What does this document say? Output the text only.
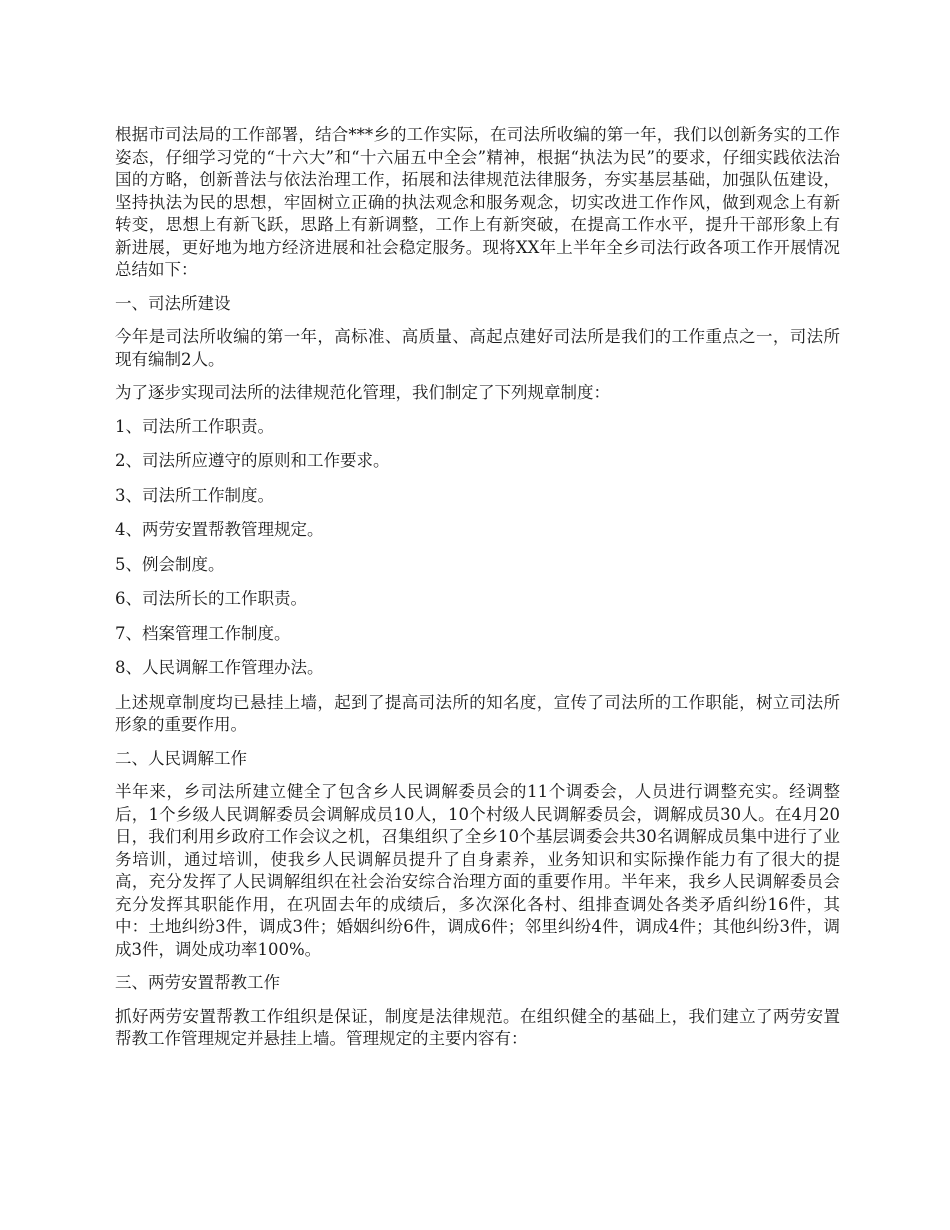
根据市司法局的工作部署，结合***乡的工作实际，在司法所收编的第一年，我们以创新务实的工作姿态，仔细学习党的“十六大”和“十六届五中全会”精神，根据“执法为民”的要求，仔细实践依法治国的方略，创新普法与依法治理工作，拓展和法律规范法律服务，夯实基层基础，加强队伍建设，坚持执法为民的思想，牢固树立正确的执法观念和服务观念，切实改进工作作风，做到观念上有新转变，思想上有新飞跃，思路上有新调整，工作上有新突破，在提高工作水平，提升干部形象上有新进展，更好地为地方经济进展和社会稳定服务。现将XX年上半年全乡司法行政各项工作开展情况总结如下：

一、司法所建设

今年是司法所收编的第一年，高标准、高质量、高起点建好司法所是我们的工作重点之一，司法所现有编制2人。

为了逐步实现司法所的法律规范化管理，我们制定了下列规章制度：

1、司法所工作职责。

2、司法所应遵守的原则和工作要求。

3、司法所工作制度。

4、两劳安置帮教管理规定。

5、例会制度。

6、司法所长的工作职责。

7、档案管理工作制度。

8、人民调解工作管理办法。

上述规章制度均已悬挂上墙，起到了提高司法所的知名度，宣传了司法所的工作职能，树立司法所形象的重要作用。

二、人民调解工作

半年来，乡司法所建立健全了包含乡人民调解委员会的11个调委会，人员进行调整充实。经调整后，1个乡级人民调解委员会调解成员10人，10个村级人民调解委员会，调解成员30人。在4月20日，我们利用乡政府工作会议之机，召集组织了全乡10个基层调委会共30名调解成员集中进行了业务培训，通过培训，使我乡人民调解员提升了自身素养，业务知识和实际操作能力有了很大的提高，充分发挥了人民调解组织在社会治安综合治理方面的重要作用。半年来，我乡人民调解委员会充分发挥其职能作用，在巩固去年的成绩后，多次深化各村、组排查调处各类矛盾纠纷16件，其中：土地纠纷3件，调成3件；婚姻纠纷6件，调成6件；邻里纠纷4件，调成4件；其他纠纷3件，调成3件，调处成功率100%。

三、两劳安置帮教工作

抓好两劳安置帮教工作组织是保证，制度是法律规范。在组织健全的基础上，我们建立了两劳安置帮教工作管理规定并悬挂上墙。管理规定的主要内容有：
